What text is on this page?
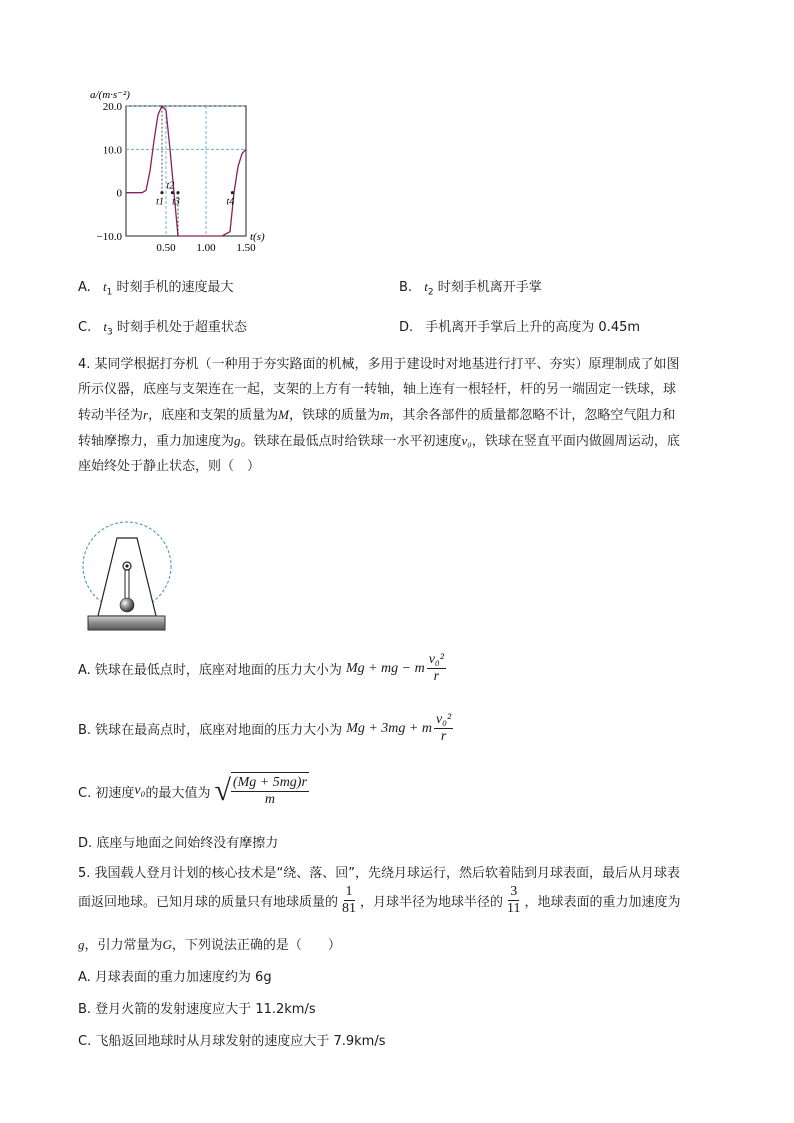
20.0
10.0
0
−10.0
0.50 1.00 1.50
a/(m·s⁻²)
t(s)
t1
t2
t3	t4
A. $t_1$ 时刻手机的速度最大	B. $t_2$ 时刻手机离开手掌
C. $t_3$ 时刻手机处于超重状态	D. 手机离开手掌后上升的高度为 0.45m
4. 某同学根据打夯机（一种用于夯实路面的机械，多用于建设时对地基进行打平、夯实）原理制成了如图
所示仪器，底座与支架连在一起，支架的上方有一转轴，轴上连有一根轻杆，杆的另一端固定一铁球，球
转动半径为r，底座和支架的质量为M，铁球的质量为m，其余各部件的质量都忽略不计，忽略空气阻力和
转轴摩擦力，重力加速度为g。铁球在最低点时给铁球一水平初速度v₀，铁球在竖直平面内做圆周运动，底
座始终处于静止状态，则（　）
A. 铁球在最低点时，底座对地面的压力大小为 Mg + mg − m $\frac{\text{v₀²}}{r}$
B. 铁球在最高点时，底座对地面的压力大小为 Mg + 3mg + m $\frac{\text{v₀²}}{r}$
C. 初速度 v₀ 的最大值为 √ $\frac{(Mg + 5mg)r}{m}$
D. 底座与地面之间始终没有摩擦力
5. 我国载人登月计划的核心技术是“绕、落、回”，先绕月球运行，然后软着陆到月球表面，最后从月球表
面返回地球。已知月球的质量只有地球质量的 $\frac{1}{81}$ ，月球半径为地球半径的 $\frac{3}{11}$ ，地球表面的重力加速度为
g，引力常量为G，下列说法正确的是（　　）
A. 月球表面的重力加速度约为 6g
B. 登月火箭的发射速度应大于 11.2km/s
C. 飞船返回地球时从月球发射的速度应大于 7.9km/s
